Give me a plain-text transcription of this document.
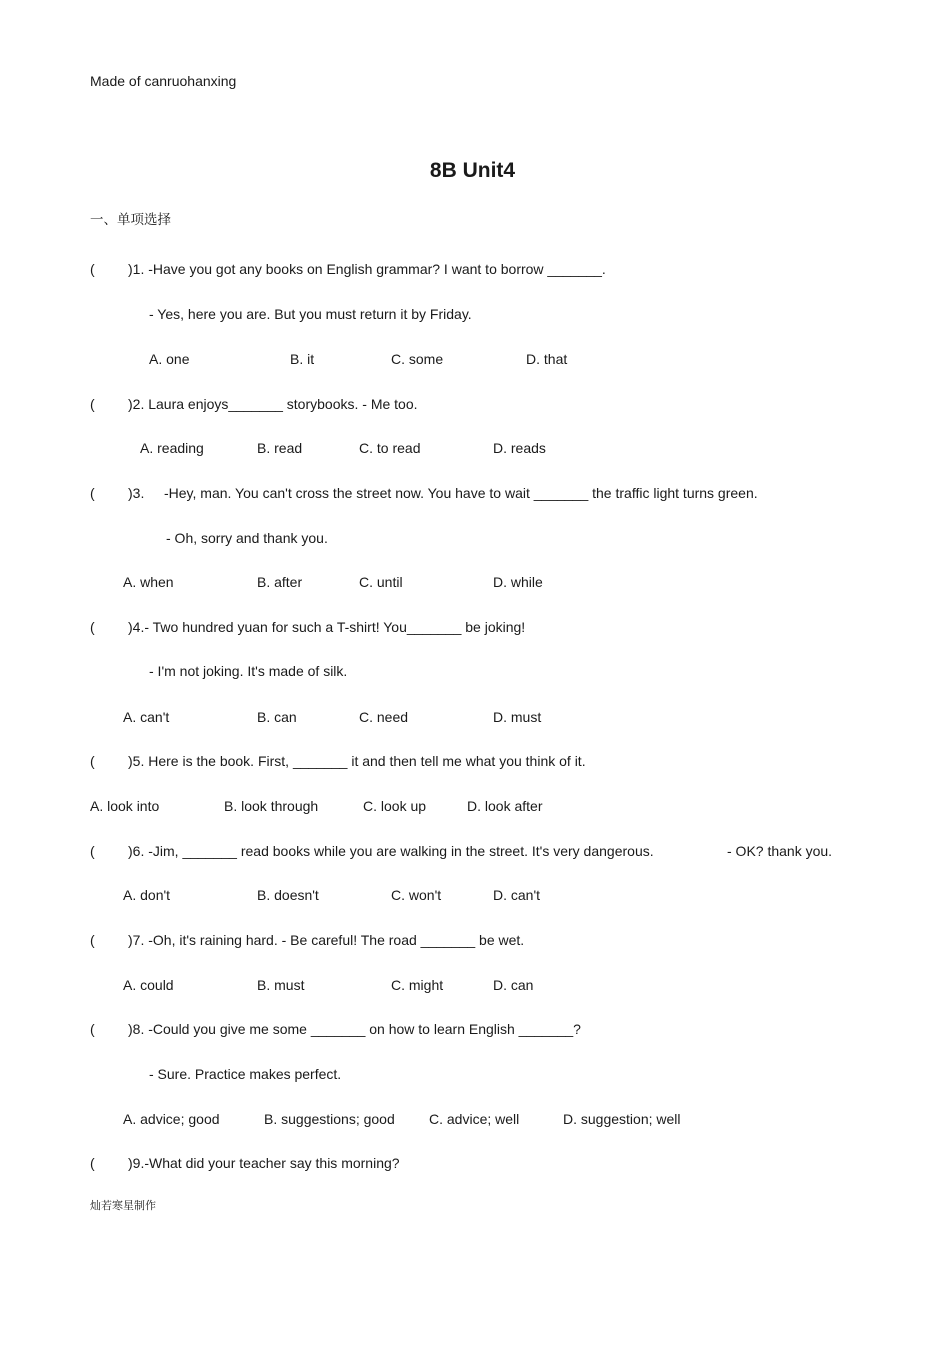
Made of canruohanxing
8B Unit4
一、单项选择
( )1. -Have you got any books on English grammar? I want to borrow _______.
- Yes, here you are. But you must return it by Friday.
A. one	B. it	C. some	D. that
( )2. Laura enjoys_______ storybooks. - Me too.
A. reading	B. read	C. to read	D. reads
( )3. -Hey, man. You can't cross the street now. You have to wait _______ the traffic light turns green.
- Oh, sorry and thank you.
A. when	B. after	C. until	D. while
( )4.- Two hundred yuan for such a T-shirt! You_______ be joking!
- I'm not joking. It's made of silk.
A. can't	B. can	C. need	D. must
( )5. Here is the book. First, _______ it and then tell me what you think of it.
A. look into	B. look through	C. look up	D. look after
( )6. -Jim, _______ read books while you are walking in the street. It's very dangerous.	- OK? thank you.
A. don't	B. doesn't	C. won't	D. can't
( )7. -Oh, it's raining hard. - Be careful! The road _______ be wet.
A. could	B. must	C. might	D. can
( )8. -Could you give me some _______ on how to learn English _______?
- Sure. Practice makes perfect.
A. advice; good	B. suggestions; good C. advice; well	D. suggestion; well
( )9.-What did your teacher say this morning?
灿若寒星制作
